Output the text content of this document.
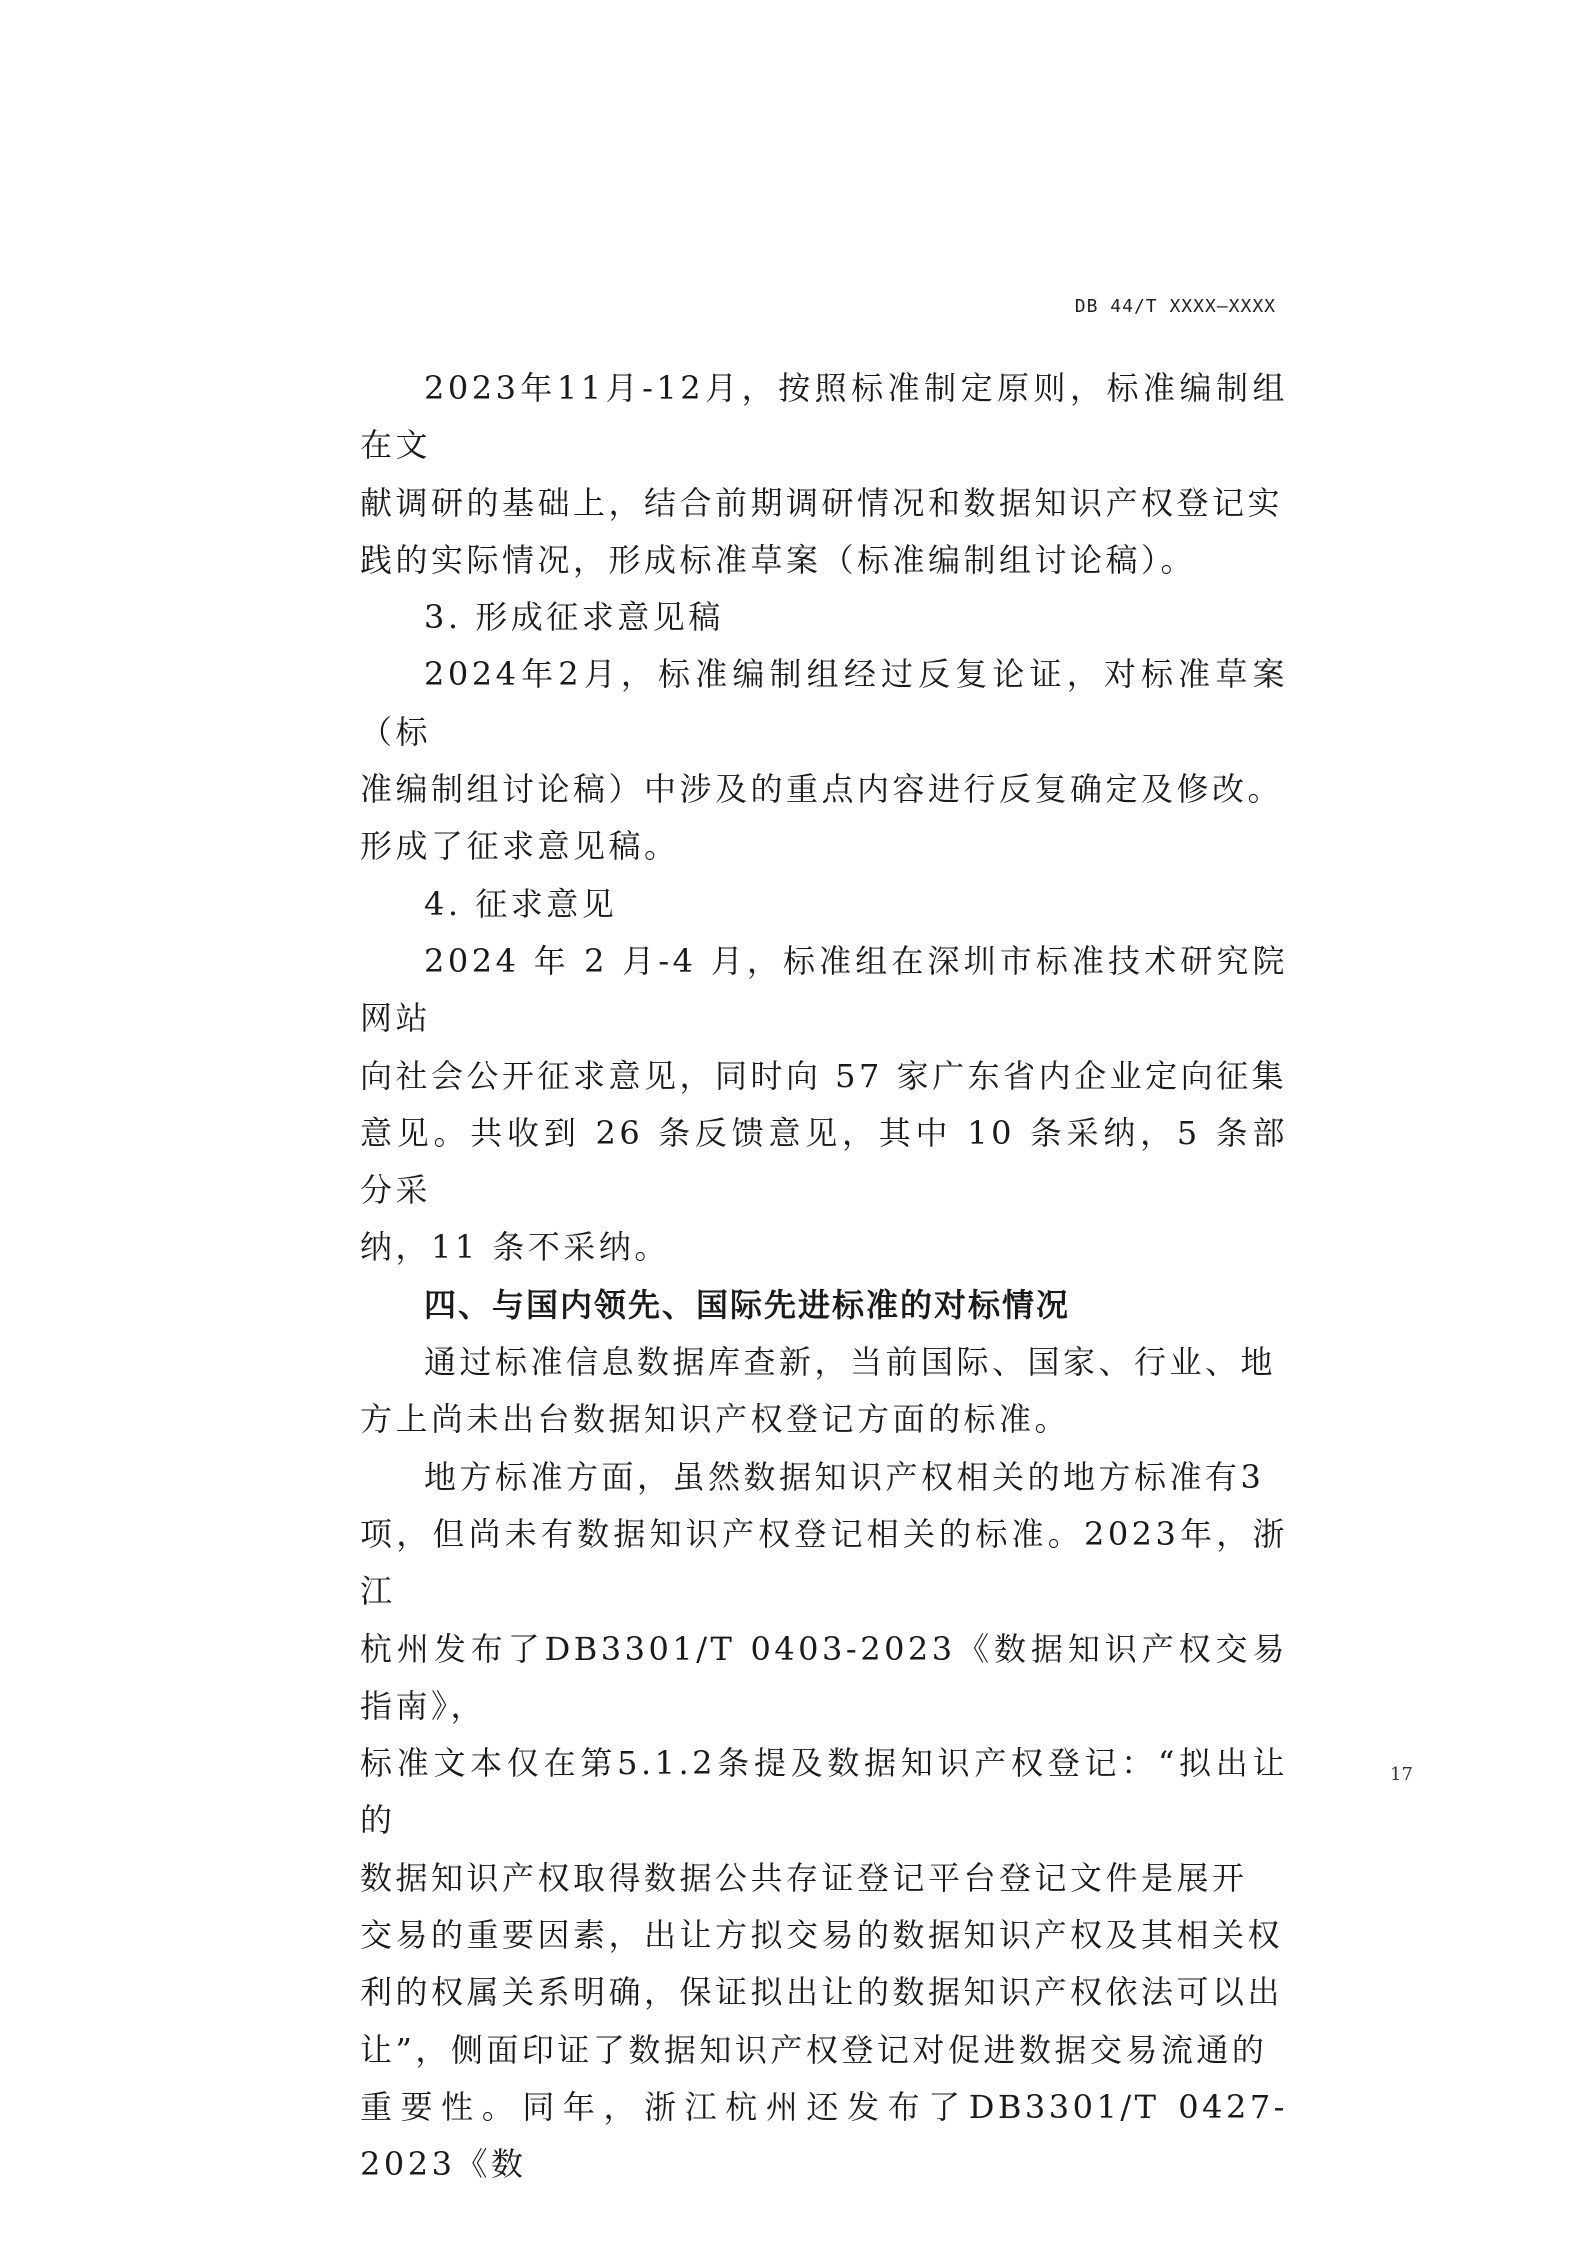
DB 44/T XXXX—XXXX

2023年11月-12月，按照标准制定原则，标准编制组在文
献调研的基础上，结合前期调研情况和数据知识产权登记实
践的实际情况，形成标准草案（标准编制组讨论稿）。

3. 形成征求意见稿

2024年2月，标准编制组经过反复论证，对标准草案（标
准编制组讨论稿）中涉及的重点内容进行反复确定及修改。
形成了征求意见稿。

4. 征求意见

2024 年 2 月-4 月，标准组在深圳市标准技术研究院网站
向社会公开征求意见，同时向 57 家广东省内企业定向征集
意见。共收到 26 条反馈意见，其中 10 条采纳，5 条部分采
纳，11 条不采纳。

四、与国内领先、国际先进标准的对标情况

通过标准信息数据库查新，当前国际、国家、行业、地
方上尚未出台数据知识产权登记方面的标准。

地方标准方面，虽然数据知识产权相关的地方标准有3
项，但尚未有数据知识产权登记相关的标准。2023年，浙江
杭州发布了DB3301/T 0403-2023《数据知识产权交易指南》，
标准文本仅在第5.1.2条提及数据知识产权登记：“拟出让的
数据知识产权取得数据公共存证登记平台登记文件是展开
交易的重要因素，出让方拟交易的数据知识产权及其相关权
利的权属关系明确，保证拟出让的数据知识产权依法可以出
让”，侧面印证了数据知识产权登记对促进数据交易流通的
重要性。同年，浙江杭州还发布了DB3301/T 0427-2023《数

17
